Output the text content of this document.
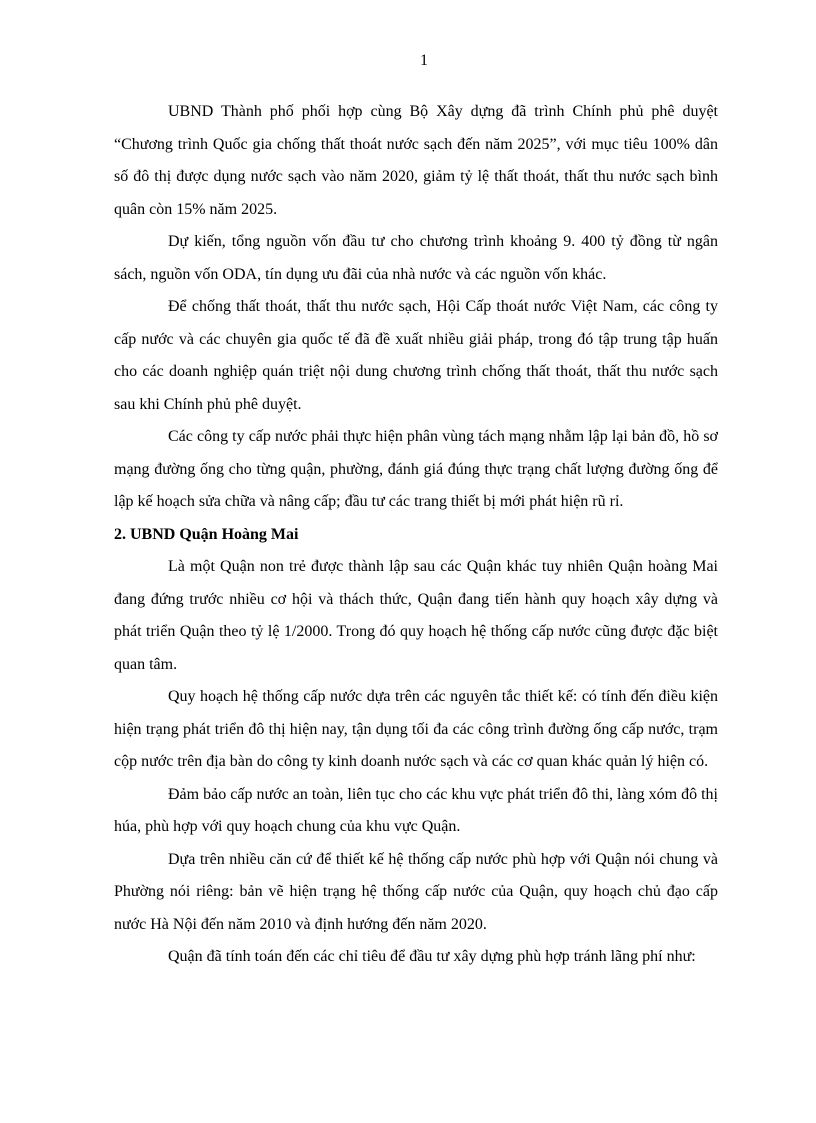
1

UBND Thành phố phối hợp cùng Bộ Xây dựng đã trình Chính phủ phê duyệt “Chương trình Quốc gia chống thất thoát nước sạch đến năm 2025”, với mục tiêu 100% dân số đô thị được dụng nước sạch vào năm 2020, giảm tỷ lệ thất thoát, thất thu nước sạch bình quân còn 15% năm 2025.

Dự kiến, tổng nguồn vốn đầu tư cho chương trình khoảng 9. 400 tỷ đồng từ ngân sách, nguồn vốn ODA, tín dụng ưu đãi của nhà nước và các nguồn vốn khác.

Để chống thất thoát, thất thu nước sạch, Hội Cấp thoát nước Việt Nam, các công ty cấp nước và các chuyên gia quốc tế đã đề xuất nhiều giải pháp, trong đó tập trung tập huấn cho các doanh nghiệp quán triệt nội dung chương trình chống thất thoát, thất thu nước sạch sau khi Chính phủ phê duyệt.

Các công ty cấp nước phải thực hiện phân vùng tách mạng nhằm lập lại bản đồ, hồ sơ mạng đường ống cho từng quận, phường, đánh giá đúng thực trạng chất lượng đường ống để lập kế hoạch sửa chữa và nâng cấp; đầu tư các trang thiết bị mới phát hiện rũ rỉ.

2. UBND Quận Hoàng Mai

Là một Quận non trẻ được thành lập sau các Quận khác tuy nhiên Quận hoàng Mai đang đứng trước nhiều cơ hội và thách thức, Quận đang tiến hành quy hoạch xây dựng và phát triển Quận theo tỷ lệ 1/2000. Trong đó quy hoạch hệ thống cấp nước cũng được đặc biệt quan tâm.

Quy hoạch hệ thống cấp nước dựa trên các nguyên tắc thiết kế: có tính đến điều kiện hiện trạng phát triển đô thị hiện nay, tận dụng tối đa các công trình đường ống cấp nước, trạm cộp nước trên địa bàn do công ty kinh doanh nước sạch và các cơ quan khác quản lý hiện có.

Đảm bảo cấp nước an toàn, liên tục cho các khu vực phát triển đô thi, làng xóm đô thị húa, phù hợp với quy hoạch chung của khu vực Quận.

Dựa trên nhiều căn cứ để thiết kế hệ thống cấp nước phù hợp với Quận nói chung và Phường nói riêng: bản vẽ hiện trạng hệ thống cấp nước của Quận, quy hoạch chủ đạo cấp nước Hà Nội đến năm 2010 và định hướng đến năm 2020.

Quận đã tính toán đến các chỉ tiêu để đầu tư xây dựng phù hợp tránh lãng phí như:
